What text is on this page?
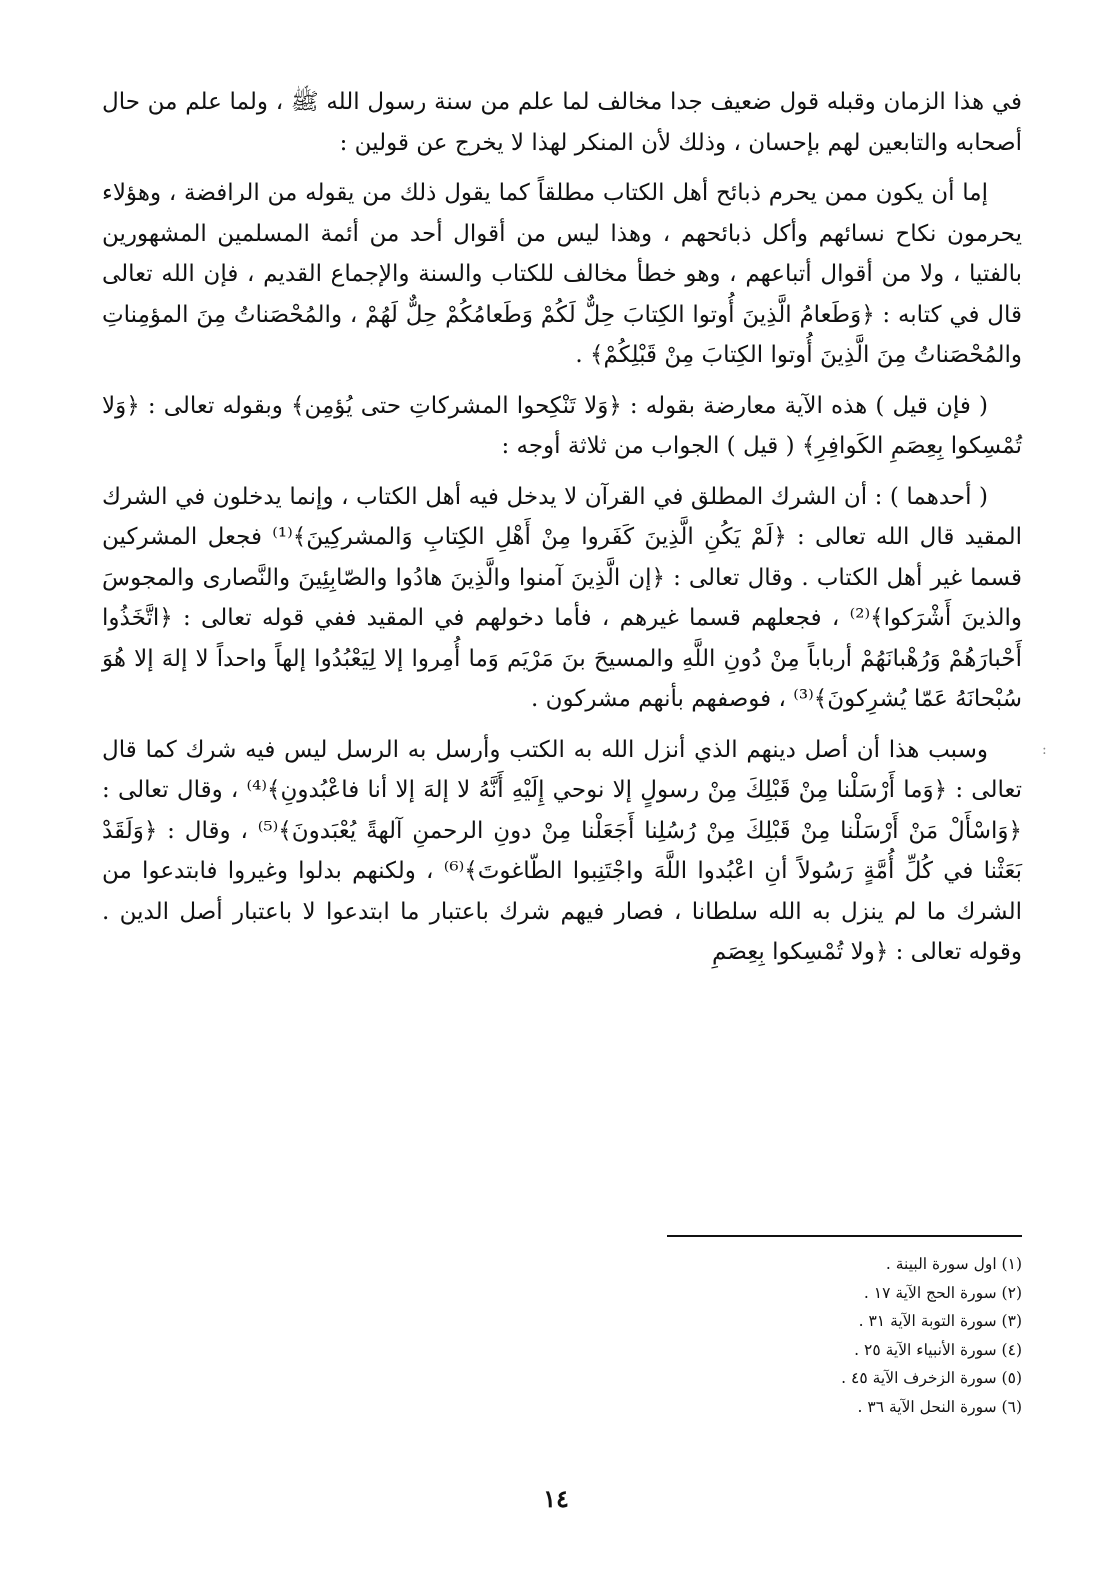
في هذا الزمان وقبله قول ضعيف جدا مخالف لما علم من سنة رسول الله ﷺ ، ولما علم من حال أصحابه والتابعين لهم بإحسان ، وذلك لأن المنكر لهذا لا يخرج عن قولين :

إما أن يكون ممن يحرم ذبائح أهل الكتاب مطلقاً كما يقول ذلك من يقوله من الرافضة ، وهؤلاء يحرمون نكاح نسائهم وأكل ذبائحهم ، وهذا ليس من أقوال أحد من أئمة المسلمين المشهورين بالفتيا ، ولا من أقوال أتباعهم ، وهو خطأ مخالف للكتاب والسنة والإجماع القديم ، فإن الله تعالى قال في كتابه : ﴿وَطَعامُ الَّذِينَ أُوتوا الكِتابَ حِلٌّ لَكُمْ وَطَعامُكُمْ حِلٌّ لَهُمْ ، والمُحْصَناتُ مِنَ المؤمِناتِ والمُحْصَناتُ مِنَ الَّذِينَ أُوتوا الكِتابَ مِنْ قَبْلِكُمْ﴾ .

( فإن قيل ) هذه الآية معارضة بقوله : ﴿وَلا تَنْكِحوا المشركاتِ حتى يُؤمِن﴾ وبقوله تعالى : ﴿وَلا تُمْسِكوا بِعِصَمِ الكَوافِرِ﴾ ( قيل ) الجواب من ثلاثة أوجه :

( أحدهما ) : أن الشرك المطلق في القرآن لا يدخل فيه أهل الكتاب ، وإنما يدخلون في الشرك المقيد قال الله تعالى : ﴿لَمْ يَكُنِ الَّذِينَ كَفَروا مِنْ أَهْلِ الكِتابِ وَالمشركِينَ﴾⁽¹⁾ فجعل المشركين قسما غير أهل الكتاب . وقال تعالى : ﴿إن الَّذِينَ آمنوا والَّذِينَ هادُوا والصّابِئِينَ والنَّصارى والمجوسَ والذينَ أَشْرَكوا﴾⁽²⁾ ، فجعلهم قسما غيرهم ، فأما دخولهم في المقيد ففي قوله تعالى : ﴿اتَّخَذُوا أَحْبارَهُمْ وَرُهْبانَهُمْ أرباباً مِنْ دُونِ اللَّهِ والمسيحَ بنَ مَرْيَم وَما أُمِروا إلا لِيَعْبُدُوا إلهاً واحداً لا إلهَ إلا هُوَ سُبْحانَهُ عَمّا يُشرِكونَ﴾⁽³⁾ ، فوصفهم بأنهم مشركون .

وسبب هذا أن أصل دينهم الذي أنزل الله به الكتب وأرسل به الرسل ليس فيه شرك كما قال تعالى : ﴿وَما أَرْسَلْنا مِنْ قَبْلِكَ مِنْ رسولٍ إلا نوحي إِلَيْهِ أَنَّهُ لا إلهَ إلا أنا فاعْبُدونِ﴾⁽⁴⁾ ، وقال تعالى : ﴿وَاسْأَلْ مَنْ أَرْسَلْنا مِنْ قَبْلِكَ مِنْ رُسُلِنا أَجَعَلْنا مِنْ دونِ الرحمنِ آلهةً يُعْبَدونَ﴾⁽⁵⁾ ، وقال : ﴿وَلَقَدْ بَعَثْنا في كُلِّ أُمَّةٍ رَسُولاً أنِ اعْبُدوا اللَّهَ واجْتَنِبوا الطّاغوتَ﴾⁽⁶⁾ ، ولكنهم بدلوا وغيروا فابتدعوا من الشرك ما لم ينزل به الله سلطانا ، فصار فيهم شرك باعتبار ما ابتدعوا لا باعتبار أصل الدين . وقوله تعالى : ﴿ولا تُمْسِكوا بِعِصَمِ

(١) اول سورة البينة .
(٢) سورة الحج الآية ١٧ .
(٣) سورة التوبة الآية ٣١ .
(٤) سورة الأنبياء الآية ٢٥ .
(٥) سورة الزخرف الآية ٤٥ .
(٦) سورة النحل الآية ٣٦ .
١٤
:
